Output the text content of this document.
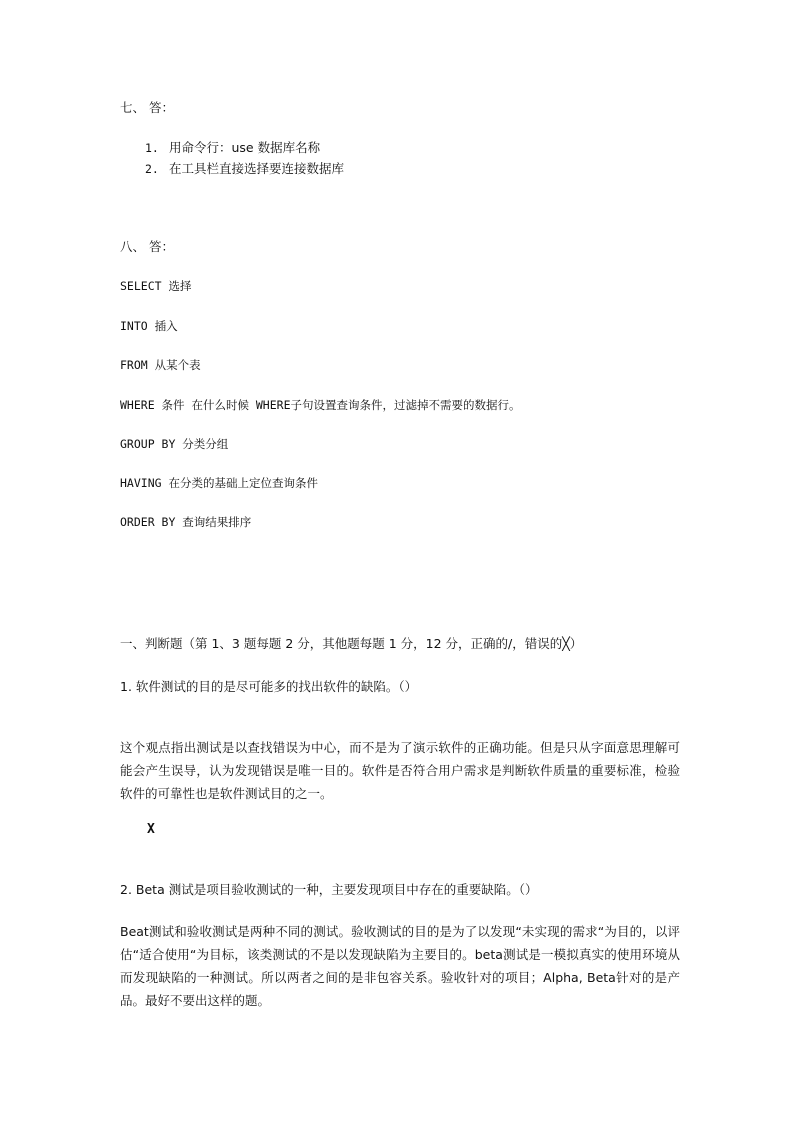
七、 答：
1. 用命令行：use 数据库名称
2. 在工具栏直接选择要连接数据库
八、 答：
SELECT 选择
INTO 插入
FROM 从某个表
WHERE 条件 在什么时候 WHERE子句设置查询条件，过滤掉不需要的数据行。
GROUP BY 分类分组
HAVING 在分类的基础上定位查询条件
ORDER BY 查询结果排序
一、判断题（第 1、3 题每题 2 分，其他题每题 1 分，12 分，正确的/，错误的╳）
1. 软件测试的目的是尽可能多的找出软件的缺陷。（）
这个观点指出测试是以查找错误为中心，而不是为了演示软件的正确功能。但是只从字面意思理解可能会产生误导，认为发现错误是唯一目的。软件是否符合用户需求是判断软件质量的重要标准，检验软件的可靠性也是软件测试目的之一。
X
2. Beta 测试是项目验收测试的一种，主要发现项目中存在的重要缺陷。（）
Beat测试和验收测试是两种不同的测试。验收测试的目的是为了以发现“未实现的需求“为目的，以评估“适合使用“为目标，该类测试的不是以发现缺陷为主要目的。beta测试是一模拟真实的使用环境从而发现缺陷的一种测试。所以两者之间的是非包容关系。验收针对的项目；Alpha, Beta针对的是产品。最好不要出这样的题。
